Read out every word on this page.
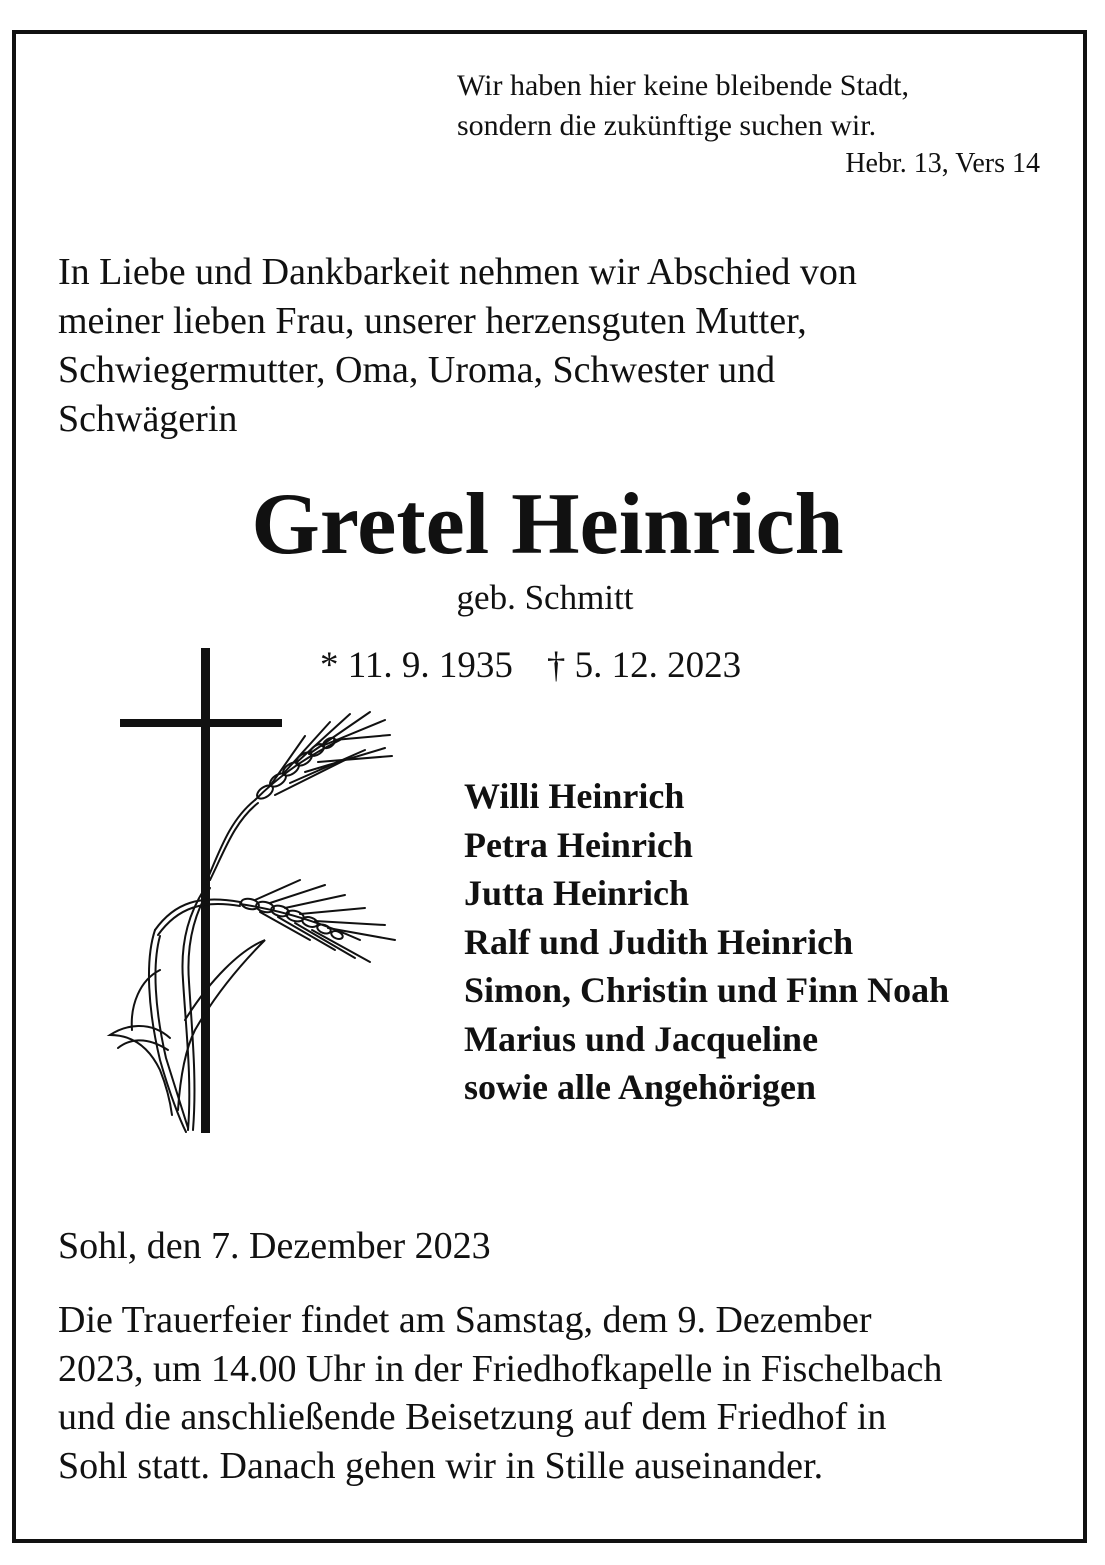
Wir haben hier keine bleibende Stadt,
sondern die zukünftige suchen wir.
Hebr. 13, Vers 14
In Liebe und Dankbarkeit nehmen wir Abschied von
meiner lieben Frau, unserer herzensguten Mutter,
Schwiegermutter, Oma, Uroma, Schwester und
Schwägerin
Gretel Heinrich
geb. Schmitt
* 11. 9. 1935 † 5. 12. 2023
Willi Heinrich
Petra Heinrich
Jutta Heinrich
Ralf und Judith Heinrich
Simon, Christin und Finn Noah
Marius und Jacqueline
sowie alle Angehörigen
Sohl, den 7. Dezember 2023
Die Trauerfeier findet am Samstag, dem 9. Dezember
2023, um 14.00 Uhr in der Friedhofkapelle in Fischelbach
und die anschließende Beisetzung auf dem Friedhof in
Sohl statt. Danach gehen wir in Stille auseinander.
